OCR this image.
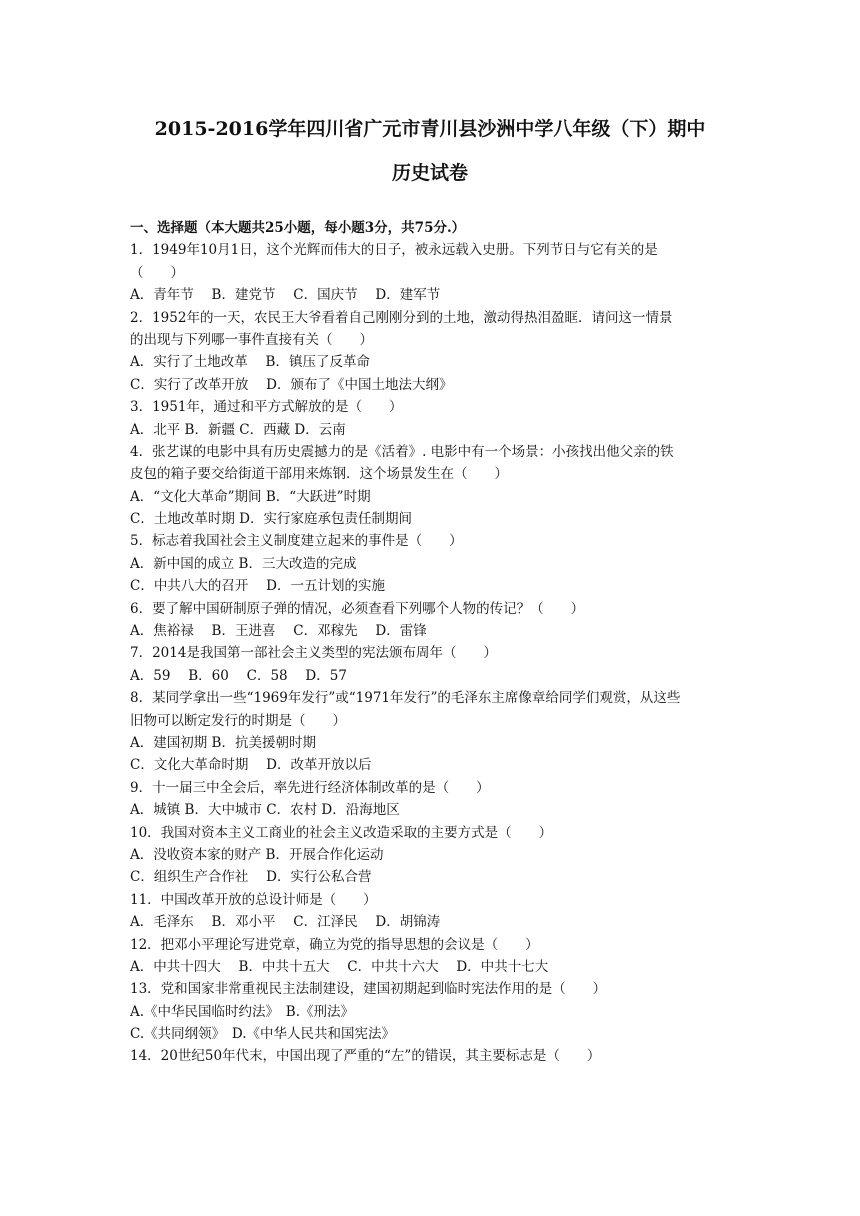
2015-2016学年四川省广元市青川县沙洲中学八年级（下）期中
历史试卷
一、选择题（本大题共25小题，每小题3分，共75分.）
1．1949年10月1日，这个光辉而伟大的日子，被永远载入史册。下列节日与它有关的是
（　　）
A．青年节　 B．建党节　 C．国庆节　 D．建军节
2．1952年的一天，农民王大爷看着自己刚刚分到的土地，激动得热泪盈眶．请问这一情景
的出现与下列哪一事件直接有关（　　）
A．实行了土地改革　 B．镇压了反革命
C．实行了改革开放　 D．颁布了《中国土地法大纲》
3．1951年，通过和平方式解放的是（　　）
A．北平 B．新疆 C．西藏 D．云南
4．张艺谋的电影中具有历史震撼力的是《活着》. 电影中有一个场景：小孩找出他父亲的铁
皮包的箱子要交给街道干部用来炼钢．这个场景发生在（　　）
A．“文化大革命”期间 B．“大跃进”时期
C．土地改革时期 D．实行家庭承包责任制期间
5．标志着我国社会主义制度建立起来的事件是（　　）
A．新中国的成立 B．三大改造的完成
C．中共八大的召开　 D．一五计划的实施
6．要了解中国研制原子弹的情况，必须查看下列哪个人物的传记？（　　）
A．焦裕禄　 B．王进喜　 C．邓稼先　 D．雷锋
7．2014是我国第一部社会主义类型的宪法颁布周年（　　）
A．59　 B．60　 C．58　 D．57
8．某同学拿出一些“1969年发行”或“1971年发行”的毛泽东主席像章给同学们观赏，从这些
旧物可以断定发行的时期是（　　）
A．建国初期 B．抗美援朝时期
C．文化大革命时期　 D．改革开放以后
9．十一届三中全会后，率先进行经济体制改革的是（　　）
A．城镇 B．大中城市 C．农村 D．沿海地区
10．我国对资本主义工商业的社会主义改造采取的主要方式是（　　）
A．没收资本家的财产 B．开展合作化运动
C．组织生产合作社　 D．实行公私合营
11．中国改革开放的总设计师是（　　）
A．毛泽东　 B．邓小平　 C．江泽民　 D．胡锦涛
12．把邓小平理论写进党章，确立为党的指导思想的会议是（　　）
A．中共十四大　 B．中共十五大　 C．中共十六大　 D．中共十七大
13．党和国家非常重视民主法制建设，建国初期起到临时宪法作用的是（　　）
A.《中华民国临时约法》　B.《刑法》
C.《共同纲领》　D.《中华人民共和国宪法》
14．20世纪50年代末，中国出现了严重的“左”的错误，其主要标志是（　　）
